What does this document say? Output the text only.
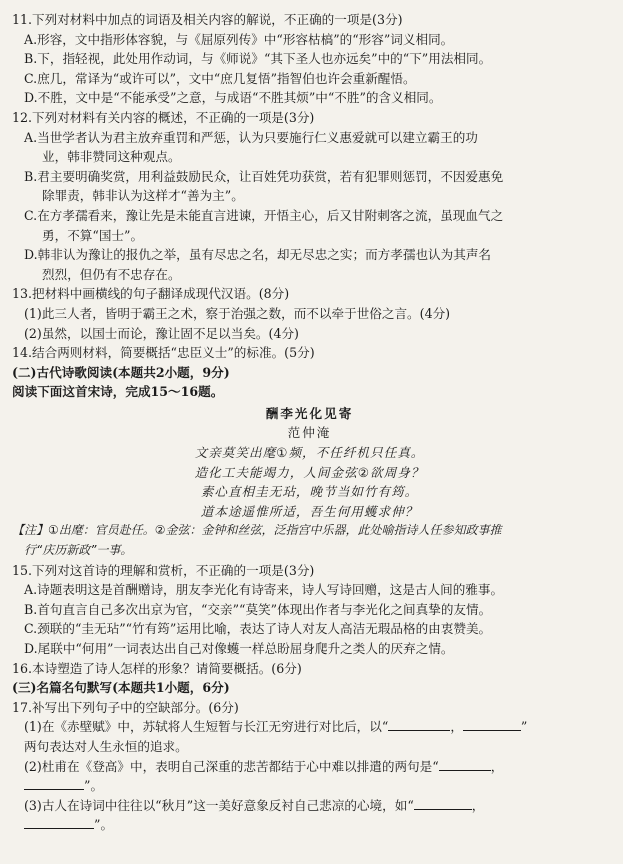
11.下列对材料中加点的词语及相关内容的解说，不正确的一项是(3分)
A.形容，文中指形体容貌，与《屈原列传》中“形容枯槁”的“形容”词义相同。
B.下，指轻视，此处用作动词，与《师说》“其下圣人也亦远矣”中的“下”用法相同。
C.庶几，常译为“或许可以”，文中“庶几复悟”指智伯也许会重新醒悟。
D.不胜，文中是“不能承受”之意，与成语“不胜其烦”中“不胜”的含义相同。
12.下列对材料有关内容的概述，不正确的一项是(3分)
A.当世学者认为君主放弃重罚和严惩，认为只要施行仁义惠爱就可以建立霸王的功
业，韩非赞同这种观点。
B.君主要明确奖赏，用利益鼓励民众，让百姓凭功获赏，若有犯罪则惩罚，不因爱惠免
除罪责，韩非认为这样才“善为主”。
C.在方孝孺看来，豫让先是未能直言进谏，开悟主心，后又甘附刺客之流，虽现血气之
勇，不算“国士”。
D.韩非认为豫让的报仇之举，虽有尽忠之名，却无尽忠之实；而方孝孺也认为其声名
烈烈，但仍有不忠存在。
13.把材料中画横线的句子翻译成现代汉语。(8分)
(1)此三人者，皆明于霸王之术，察于治强之数，而不以牵于世俗之言。(4分)
(2)虽然，以国士而论，豫让固不足以当矣。(4分)
14.结合两则材料，简要概括“忠臣义士”的标准。(5分)
(二)古代诗歌阅读(本题共2小题，9分)
阅读下面这首宋诗，完成15～16题。
酬李光化见寄
范仲淹
文亲莫笑出麾①频，不任纤机只任真。
造化工夫能竭力，人间金弦②欲周身？
素心直相圭无玷，晚节当如竹有筠。
道本途遥惟所适，吾生何用蠖求伸？
【注】①出麾：官员赴任。②金弦：金钟和丝弦，泛指宫中乐器，此处喻指诗人任参知政事推
行“庆历新政”一事。
15.下列对这首诗的理解和赏析，不正确的一项是(3分)
A.诗题表明这是首酬赠诗，朋友李光化有诗寄来，诗人写诗回赠，这是古人间的雅事。
B.首句直言自己多次出京为官，“交亲”“莫笑”体现出作者与李光化之间真挚的友情。
C.颈联的“圭无玷”“竹有筠”运用比喻，表达了诗人对友人高洁无瑕品格的由衷赞美。
D.尾联中“何用”一词表达出自己对像蠖一样总盼屈身爬升之类人的厌弃之情。
16.本诗塑造了诗人怎样的形象？请简要概括。(6分)
(三)名篇名句默写(本题共1小题，6分)
17.补写出下列句子中的空缺部分。(6分)
(1)在《赤壁赋》中，苏轼将人生短暂与长江无穷进行对比后，以“	，	”
两句表达对人生永恒的追求。
(2)杜甫在《登高》中，表明自己深重的悲苦都结于心中难以排遣的两句是“	，
”。
(3)古人在诗词中往往以“秋月”这一美好意象反衬自己悲凉的心境，如“	，
”。
